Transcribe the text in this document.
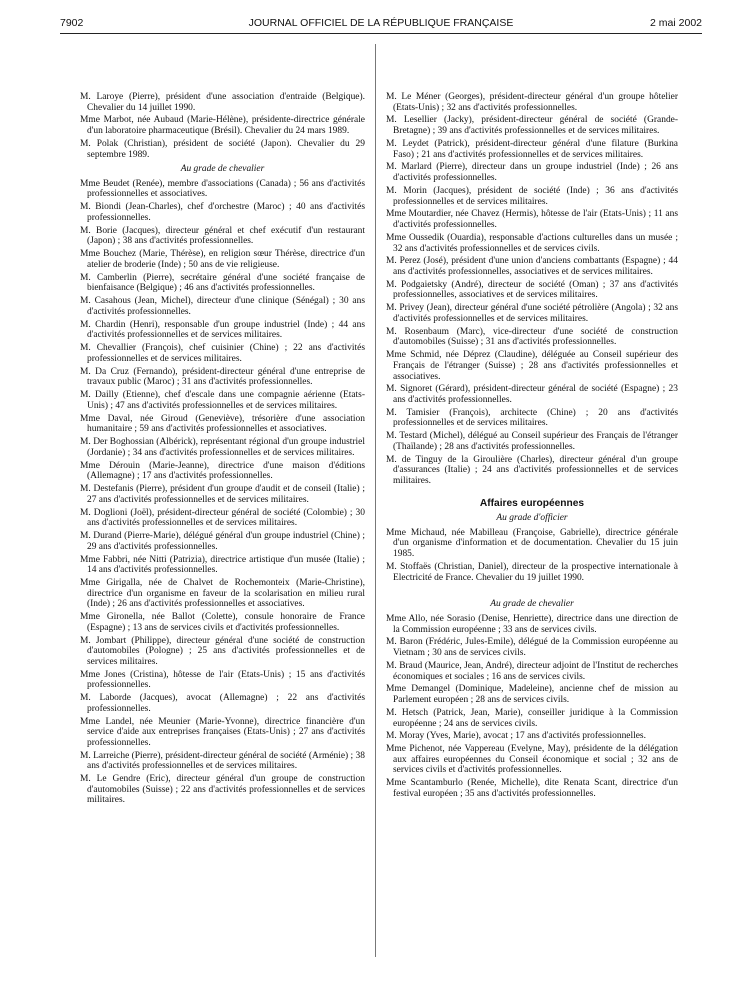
7902	JOURNAL OFFICIEL DE LA RÉPUBLIQUE FRANÇAISE	2 mai 2002

M. Laroye (Pierre), président d'une association d'entraide (Belgique). Chevalier du 14 juillet 1990.

Mme Marbot, née Aubaud (Marie-Hélène), présidente-directrice générale d'un laboratoire pharmaceutique (Brésil). Chevalier du 24 mars 1989.

M. Polak (Christian), président de société (Japon). Chevalier du 29 septembre 1989.

Au grade de chevalier

Mme Beudet (Renée), membre d'associations (Canada) ; 56 ans d'activités professionnelles et associatives.

M. Biondi (Jean-Charles), chef d'orchestre (Maroc) ; 40 ans d'activités professionnelles.

M. Borie (Jacques), directeur général et chef exécutif d'un restaurant (Japon) ; 38 ans d'activités professionnelles.

Mme Bouchez (Marie, Thérèse), en religion sœur Thérèse, directrice d'un atelier de broderie (Inde) ; 50 ans de vie religieuse.

M. Camberlin (Pierre), secrétaire général d'une société française de bienfaisance (Belgique) ; 46 ans d'activités professionnelles.

M. Casahous (Jean, Michel), directeur d'une clinique (Sénégal) ; 30 ans d'activités professionnelles.

M. Chardin (Henri), responsable d'un groupe industriel (Inde) ; 44 ans d'activités professionnelles et de services militaires.

M. Chevallier (François), chef cuisinier (Chine) ; 22 ans d'activités professionnelles et de services militaires.

M. Da Cruz (Fernando), président-directeur général d'une entreprise de travaux public (Maroc) ; 31 ans d'activités professionnelles.

M. Dailly (Etienne), chef d'escale dans une compagnie aérienne (Etats-Unis) ; 47 ans d'activités professionnelles et de services militaires.

Mme Daval, née Giroud (Geneviève), trésorière d'une association humanitaire ; 59 ans d'activités professionnelles et associatives.

M. Der Boghossian (Albérick), représentant régional d'un groupe industriel (Jordanie) ; 34 ans d'activités professionnelles et de services militaires.

Mme Dérouin (Marie-Jeanne), directrice d'une maison d'éditions (Allemagne) ; 17 ans d'activités professionnelles.

M. Destefanis (Pierre), président d'un groupe d'audit et de conseil (Italie) ; 27 ans d'activités professionnelles et de services militaires.

M. Doglioni (Joël), président-directeur général de société (Colombie) ; 30 ans d'activités professionnelles et de services militaires.

M. Durand (Pierre-Marie), délégué général d'un groupe industriel (Chine) ; 29 ans d'activités professionnelles.

Mme Fabbri, née Nitti (Patrizia), directrice artistique d'un musée (Italie) ; 14 ans d'activités professionnelles.

Mme Girigalla, née de Chalvet de Rochemonteix (Marie-Christine), directrice d'un organisme en faveur de la scolarisation en milieu rural (Inde) ; 26 ans d'activités professionnelles et associatives.

Mme Gironella, née Ballot (Colette), consule honoraire de France (Espagne) ; 13 ans de services civils et d'activités professionnelles.

M. Jombart (Philippe), directeur général d'une société de construction d'automobiles (Pologne) ; 25 ans d'activités professionnelles et de services militaires.

Mme Jones (Cristina), hôtesse de l'air (Etats-Unis) ; 15 ans d'activités professionnelles.

M. Laborde (Jacques), avocat (Allemagne) ; 22 ans d'activités professionnelles.

Mme Landel, née Meunier (Marie-Yvonne), directrice financière d'un service d'aide aux entreprises françaises (Etats-Unis) ; 27 ans d'activités professionnelles.

M. Larreiche (Pierre), président-directeur général de société (Arménie) ; 38 ans d'activités professionnelles et de services militaires.

M. Le Gendre (Eric), directeur général d'un groupe de construction d'automobiles (Suisse) ; 22 ans d'activités professionnelles et de services militaires.

M. Le Méner (Georges), président-directeur général d'un groupe hôtelier (Etats-Unis) ; 32 ans d'activités professionnelles.

M. Lesellier (Jacky), président-directeur général de société (Grande-Bretagne) ; 39 ans d'activités professionnelles et de services militaires.

M. Leydet (Patrick), président-directeur général d'une filature (Burkina Faso) ; 21 ans d'activités professionnelles et de services militaires.

M. Marlard (Pierre), directeur dans un groupe industriel (Inde) ; 26 ans d'activités professionnelles.

M. Morin (Jacques), président de société (Inde) ; 36 ans d'activités professionnelles et de services militaires.

Mme Moutardier, née Chavez (Hermis), hôtesse de l'air (Etats-Unis) ; 11 ans d'activités professionnelles.

Mme Oussedik (Ouardia), responsable d'actions culturelles dans un musée ; 32 ans d'activités professionnelles et de services civils.

M. Perez (José), président d'une union d'anciens combattants (Espagne) ; 44 ans d'activités professionnelles, associatives et de services militaires.

M. Podgaietsky (André), directeur de société (Oman) ; 37 ans d'activités professionnelles, associatives et de services militaires.

M. Privey (Jean), directeur général d'une société pétrolière (Angola) ; 32 ans d'activités professionnelles et de services militaires.

M. Rosenbaum (Marc), vice-directeur d'une société de construction d'automobiles (Suisse) ; 31 ans d'activités professionnelles.

Mme Schmid, née Déprez (Claudine), déléguée au Conseil supérieur des Français de l'étranger (Suisse) ; 28 ans d'activités professionnelles et associatives.

M. Signoret (Gérard), président-directeur général de société (Espagne) ; 23 ans d'activités professionnelles.

M. Tamisier (François), architecte (Chine) ; 20 ans d'activités professionnelles et de services militaires.

M. Testard (Michel), délégué au Conseil supérieur des Français de l'étranger (Thaïlande) ; 28 ans d'activités professionnelles.

M. de Tinguy de la Giroulière (Charles), directeur général d'un groupe d'assurances (Italie) ; 24 ans d'activités professionnelles et de services militaires.

Affaires européennes
Au grade d'officier

Mme Michaud, née Mabilleau (Françoise, Gabrielle), directrice générale d'un organisme d'information et de documentation. Chevalier du 15 juin 1985.

M. Stoffaës (Christian, Daniel), directeur de la prospective internationale à Electricité de France. Chevalier du 19 juillet 1990.

Au grade de chevalier

Mme Allo, née Sorasio (Denise, Henriette), directrice dans une direction de la Commission européenne ; 33 ans de services civils.

M. Baron (Frédéric, Jules-Emile), délégué de la Commission européenne au Vietnam ; 30 ans de services civils.

M. Braud (Maurice, Jean, André), directeur adjoint de l'Institut de recherches économiques et sociales ; 16 ans de services civils.

Mme Demangel (Dominique, Madeleine), ancienne chef de mission au Parlement européen ; 28 ans de services civils.

M. Hetsch (Patrick, Jean, Marie), conseiller juridique à la Commission européenne ; 24 ans de services civils.

M. Moray (Yves, Marie), avocat ; 17 ans d'activités professionnelles.

Mme Pichenot, née Vappereau (Evelyne, May), présidente de la délégation aux affaires européennes du Conseil économique et social ; 32 ans de services civils et d'activités professionnelles.

Mme Scantamburlo (Renée, Michelle), dite Renata Scant, directrice d'un festival européen ; 35 ans d'activités professionnelles.
